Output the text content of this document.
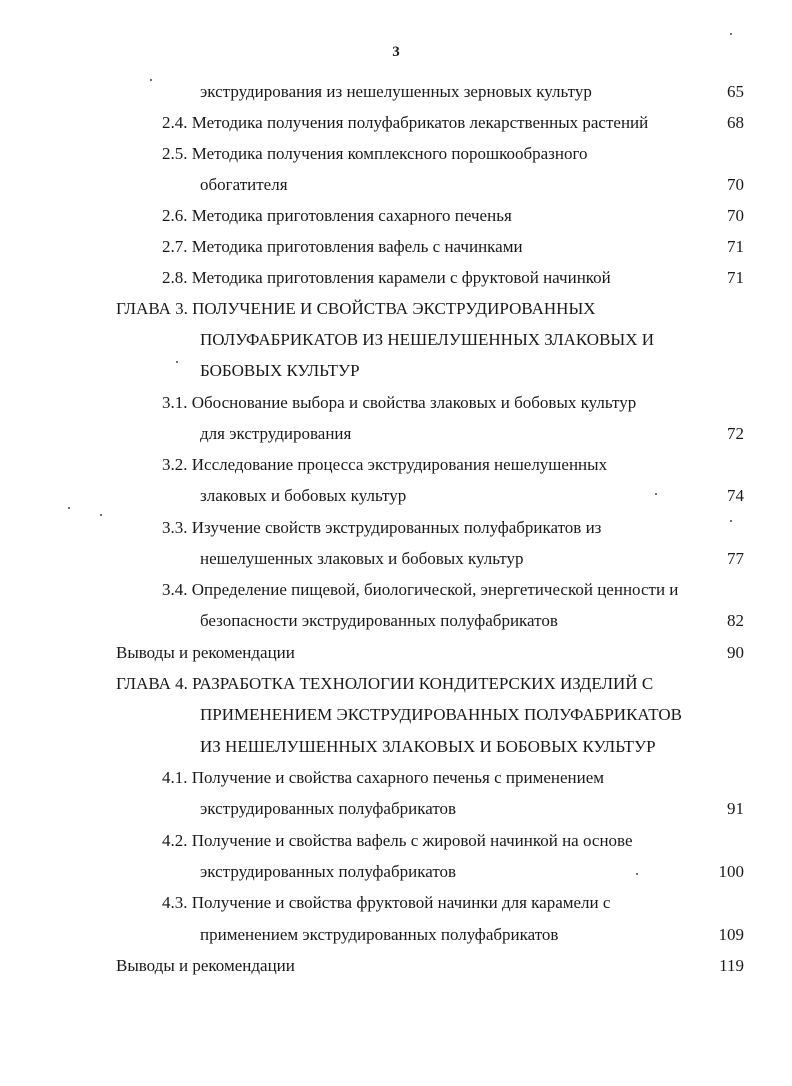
3
экструдирования из нешелушенных зерновых культур	65
2.4. Методика получения полуфабрикатов лекарственных растений	68
2.5. Методика получения комплексного порошкообразного
обогатителя	70
2.6. Методика приготовления сахарного печенья	70
2.7. Методика приготовления вафель с начинками	71
2.8. Методика приготовления карамели с фруктовой начинкой	71
ГЛАВА 3. ПОЛУЧЕНИЕ И СВОЙСТВА ЭКСТРУДИРОВАННЫХ
ПОЛУФАБРИКАТОВ ИЗ НЕШЕЛУШЕННЫХ ЗЛАКОВЫХ И
БОБОВЫХ КУЛЬТУР
3.1. Обоснование выбора и свойства злаковых и бобовых культур
для экструдирования	72
3.2. Исследование процесса экструдирования нешелушенных
злаковых и бобовых культур	74
3.3. Изучение свойств экструдированных полуфабрикатов из
нешелушенных злаковых и бобовых культур	77
3.4. Определение пищевой, биологической, энергетической ценности и
безопасности экструдированных полуфабрикатов	82
Выводы и рекомендации	90
ГЛАВА 4. РАЗРАБОТКА ТЕХНОЛОГИИ КОНДИТЕРСКИХ ИЗДЕЛИЙ С
ПРИМЕНЕНИЕМ ЭКСТРУДИРОВАННЫХ ПОЛУФАБРИКАТОВ
ИЗ НЕШЕЛУШЕННЫХ ЗЛАКОВЫХ И БОБОВЫХ КУЛЬТУР
4.1. Получение и свойства сахарного печенья с применением
экструдированных полуфабрикатов	91
4.2. Получение и свойства вафель с жировой начинкой на основе
экструдированных полуфабрикатов	100
4.3. Получение и свойства фруктовой начинки для карамели с
применением экструдированных полуфабрикатов	109
Выводы и рекомендации	119
